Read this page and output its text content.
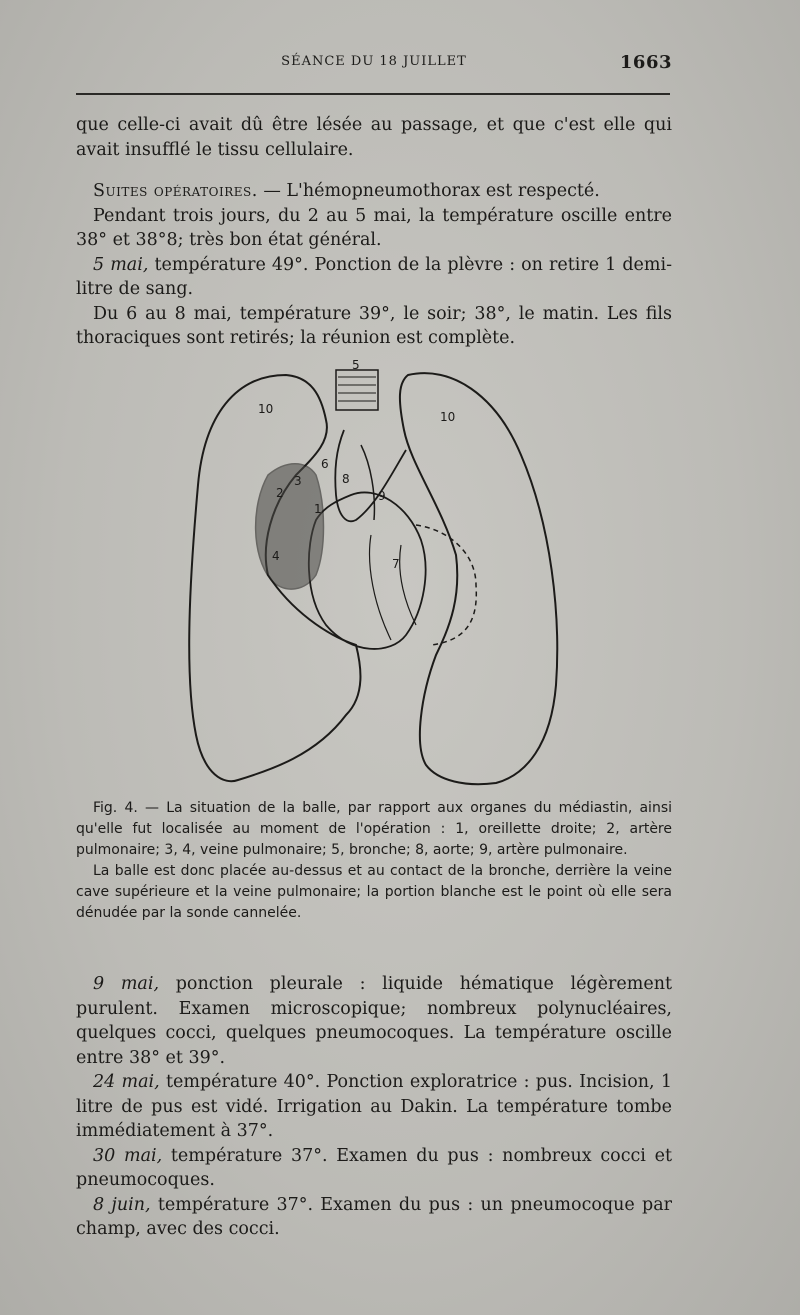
SÉANCE DU 18 JUILLET	1663

que celle-ci avait dû être lésée au passage, et que c'est elle qui avait insufflé le tissu cellulaire.

Suites opératoires. — L'hémopneumothorax est respecté.

Pendant trois jours, du 2 au 5 mai, la température oscille entre 38° et 38°8; très bon état général.

5 mai, température 49°. Ponction de la plèvre : on retire 1 demi-litre de sang.

Du 6 au 8 mai, température 39°, le soir; 38°, le matin. Les fils thoraciques sont retirés; la réunion est complète.

5
10
10
6
8
3
2
1
9
4
7

Fig. 4. — La situation de la balle, par rapport aux organes du médiastin, ainsi qu'elle fut localisée au moment de l'opération : 1, oreillette droite; 2, artère pulmonaire; 3, 4, veine pulmonaire; 5, bronche; 8, aorte; 9, artère pulmonaire.

La balle est donc placée au-dessus et au contact de la bronche, derrière la veine cave supérieure et la veine pulmonaire; la portion blanche est le point où elle sera dénudée par la sonde cannelée.

9 mai, ponction pleurale : liquide hématique légèrement purulent. Examen microscopique; nombreux polynucléaires, quelques cocci, quelques pneumocoques. La température oscille entre 38° et 39°.

24 mai, température 40°. Ponction exploratrice : pus. Incision, 1 litre de pus est vidé. Irrigation au Dakin. La température tombe immédiatement à 37°.

30 mai, température 37°. Examen du pus : nombreux cocci et pneumocoques.

8 juin, température 37°. Examen du pus : un pneumocoque par champ, avec des cocci.
